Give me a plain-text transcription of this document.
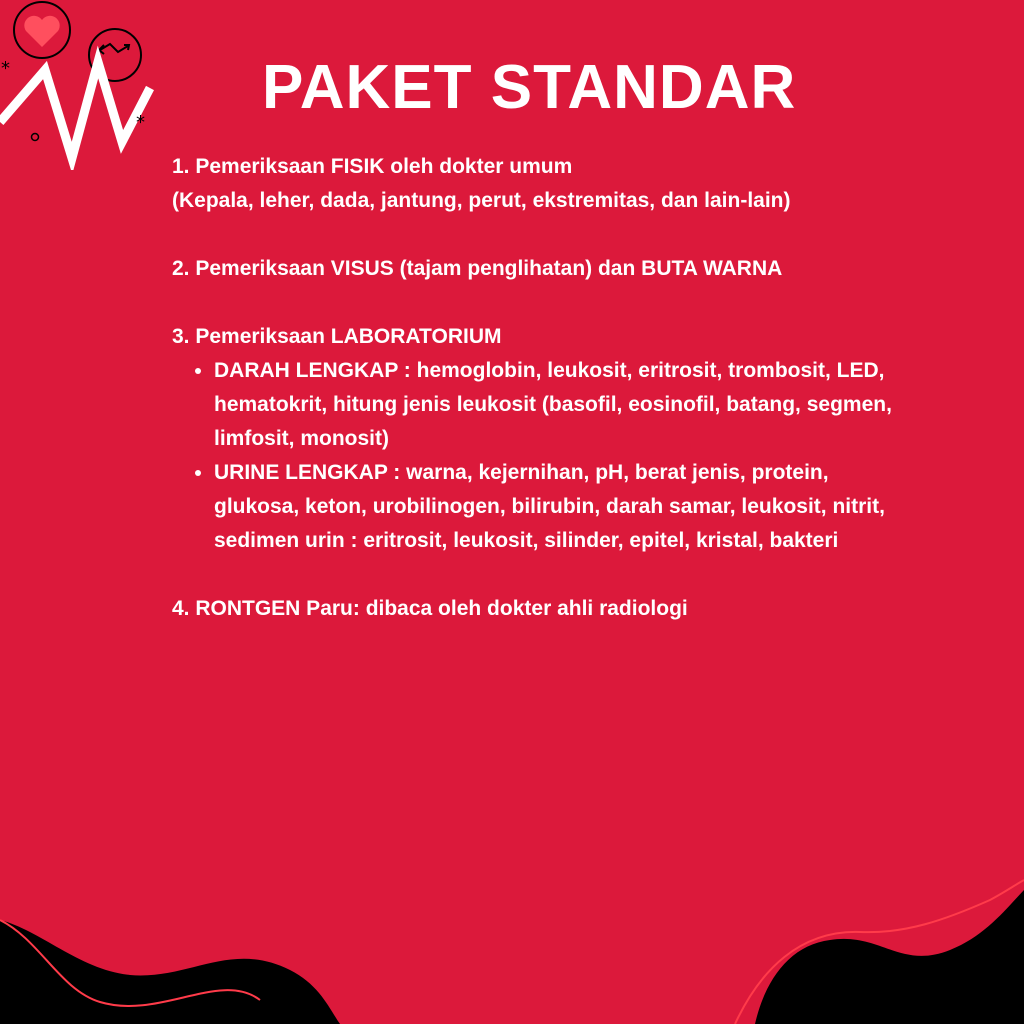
*
*
PAKET STANDAR

1. Pemeriksaan FISIK oleh dokter umum

(Kepala, leher, dada, jantung, perut, ekstremitas, dan lain-lain)

2. Pemeriksaan VISUS (tajam penglihatan) dan BUTA WARNA

3. Pemeriksaan LABORATORIUM

• DARAH LENGKAP : hemoglobin, leukosit, eritrosit, trombosit, LED, hematokrit, hitung jenis leukosit (basofil, eosinofil, batang, segmen, limfosit, monosit)
• URINE LENGKAP : warna, kejernihan, pH, berat jenis, protein, glukosa, keton, urobilinogen, bilirubin, darah samar, leukosit, nitrit, sedimen urin : eritrosit, leukosit, silinder, epitel, kristal, bakteri

4. RONTGEN Paru: dibaca oleh dokter ahli radiologi
